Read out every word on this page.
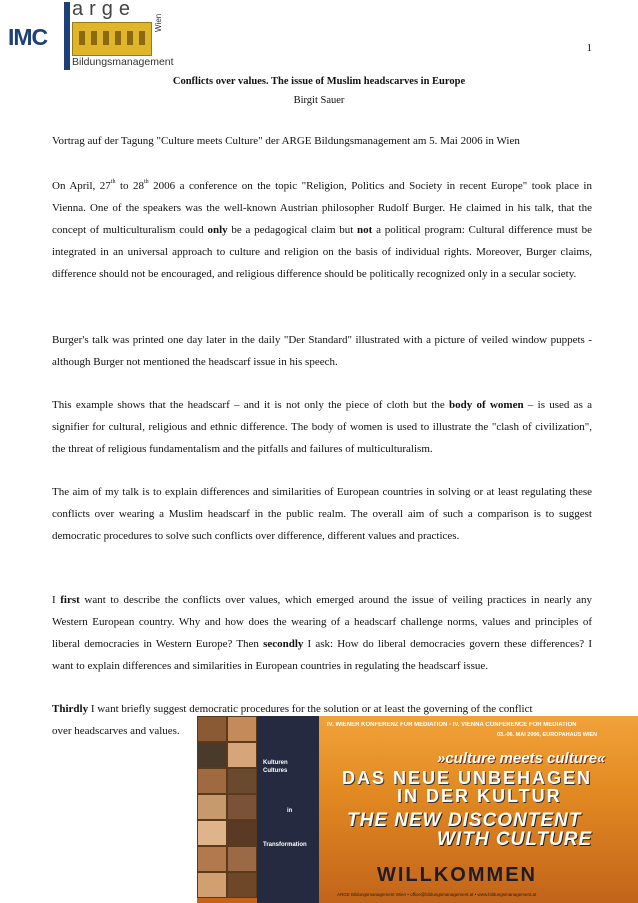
IMC
arge
Wien
Bildungsmanagement
1
Conflicts over values. The issue of Muslim headscarves in Europe
Birgit Sauer

Vortrag auf der Tagung "Culture meets Culture" der ARGE Bildungsmanagement am 5. Mai 2006 in Wien

On April, 27th to 28th 2006 a conference on the topic "Religion, Politics and Society in recent Europe" took place in Vienna. One of the speakers was the well-known Austrian philosopher Rudolf Burger. He claimed in his talk, that the concept of multiculturalism could only be a pedagogical claim but not a political program: Cultural difference must be integrated in an universal approach to culture and religion on the basis of individual rights. Moreover, Burger claims, difference should not be encouraged, and religious difference should be politically recognized only in a secular society.

Burger's talk was printed one day later in the daily "Der Standard" illustrated with a picture of veiled window puppets - although Burger not mentioned the headscarf issue in his speech.

This example shows that the headscarf – and it is not only the piece of cloth but the body of women – is used as a signifier for cultural, religious and ethnic difference. The body of women is used to illustrate the "clash of civilization", the threat of religious fundamentalism and the pitfalls and failures of multiculturalism.

The aim of my talk is to explain differences and similarities of European countries in solving or at least regulating these conflicts over wearing a Muslim headscarf in the public realm. The overall aim of such a comparison is to suggest democratic procedures to solve such conflicts over difference, different values and practices.

I first want to describe the conflicts over values, which emerged around the issue of veiling practices in nearly any Western European country. Why and how does the wearing of a headscarf challenge norms, values and principles of liberal democracies in Western Europe? Then secondly I ask: How do liberal democracies govern these differences? I want to explain differences and similarities in European countries in regulating the headscarf issue.

Thirdly I want briefly suggest democratic procedures for the solution or at least the governing of the conflict

over headscarves and values.

Kulturen
Cultures
in
Transformation
IV. WIENER KONFERENZ FÜR MEDIATION - IV. VIENNA CONFERENCE FOR MEDIATION
03.-06. MAI 2006, EUROPAHAUS WIEN
»culture meets culture«
DAS NEUE UNBEHAGEN
IN DER KULTUR
THE NEW DISCONTENT
WITH CULTURE
WILLKOMMEN
ARGE Bildungsmanagement Wien • office@bildungsmanagement.at • www.bildungsmanagement.at
